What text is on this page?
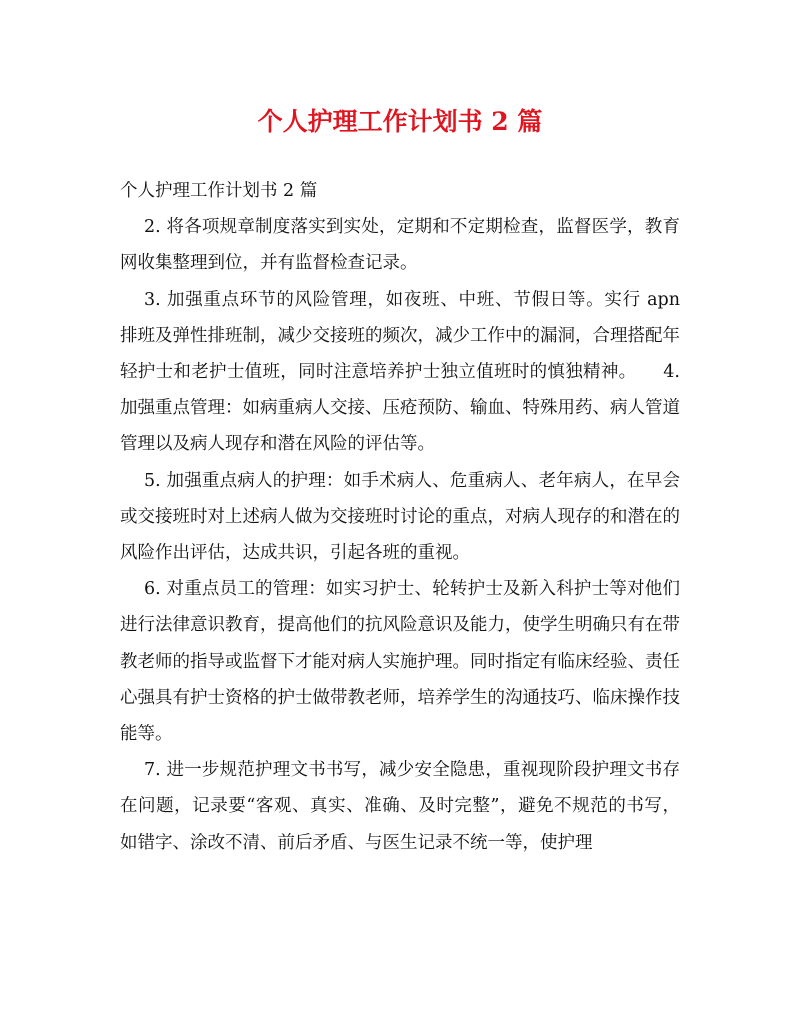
个人护理工作计划书 2 篇

个人护理工作计划书 2 篇

2. 将各项规章制度落实到实处，定期和不定期检查，监督医学，教育网收集整理到位，并有监督检查记录。

3. 加强重点环节的风险管理，如夜班、中班、节假日等。实行 apn 排班及弹性排班制，减少交接班的频次，减少工作中的漏洞，合理搭配年轻护士和老护士值班，同时注意培养护士独立值班时的慎独精神。　　4. 加强重点管理：如病重病人交接、压疮预防、输血、特殊用药、病人管道管理以及病人现存和潜在风险的评估等。

5. 加强重点病人的护理：如手术病人、危重病人、老年病人，在早会或交接班时对上述病人做为交接班时讨论的重点，对病人现存的和潜在的风险作出评估，达成共识，引起各班的重视。

6. 对重点员工的管理：如实习护士、轮转护士及新入科护士等对他们进行法律意识教育，提高他们的抗风险意识及能力，使学生明确只有在带教老师的指导或监督下才能对病人实施护理。同时指定有临床经验、责任心强具有护士资格的护士做带教老师，培养学生的沟通技巧、临床操作技能等。

7. 进一步规范护理文书书写，减少安全隐患，重视现阶段护理文书存在问题，记录要“客观、真实、准确、及时完整”，避免不规范的书写，如错字、涂改不清、前后矛盾、与医生记录不统一等，使护理
